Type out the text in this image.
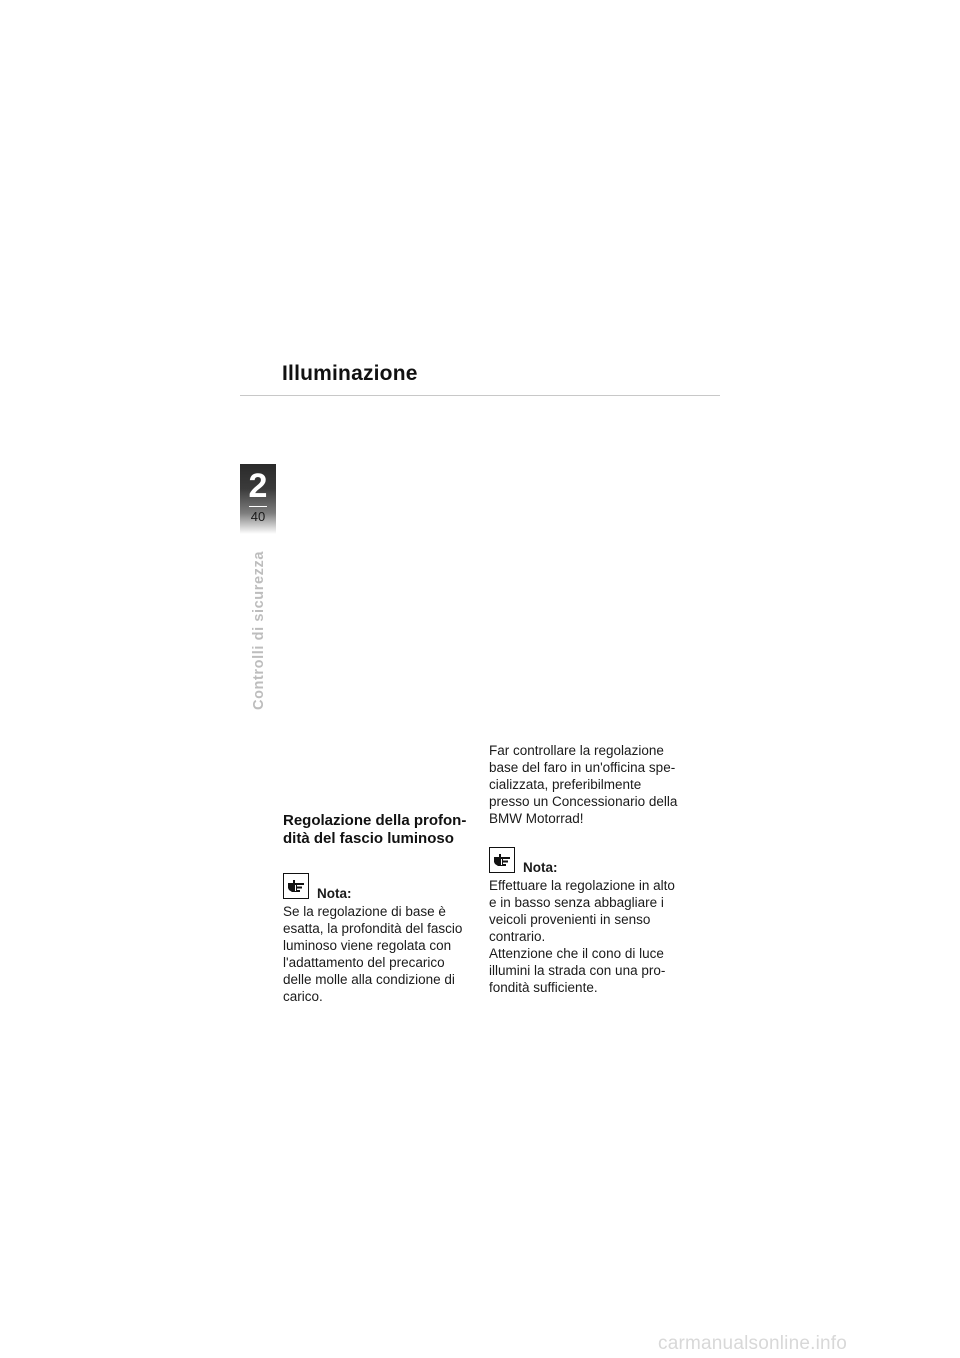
Illuminazione
2
40
Controlli di sicurezza
Regolazione della profon-
dità del fascio luminoso
Nota:

Se la regolazione di base è
esatta, la profondità del fascio
luminoso viene regolata con
l'adattamento del precarico
delle molle alla condizione di
carico.

Far controllare la regolazione
base del faro in un'officina spe-
cializzata, preferibilmente
presso un Concessionario della
BMW Motorrad!

Nota:

Effettuare la regolazione in alto
e in basso senza abbagliare i
veicoli provenienti in senso
contrario.
Attenzione che il cono di luce
illumini la strada con una pro-
fondità sufficiente.

carmanualsonline.info
